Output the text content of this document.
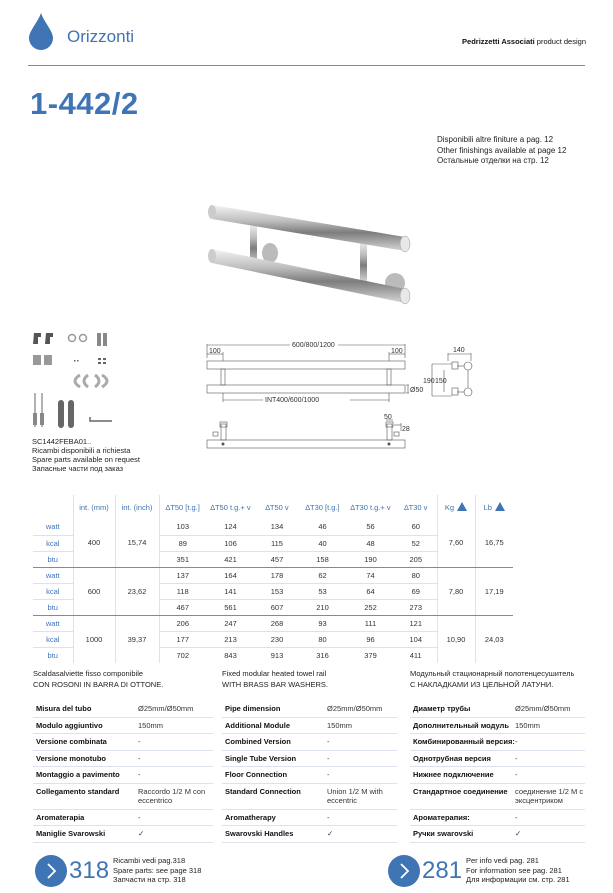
Orizzonti	Pedrizzetti Associati product design
1-442/2
Disponibili altre finiture a pag. 12
Other finishings available at page 12
Остальные отделки на стр. 12
SC1442FEBA01..
Ricambi disponibili a richiesta
Spare parts available on request
Запасные части под заказ
600/800/1200
100	100
INT400/600/1000
Ø50
140
190 150
50
28
	int. (mm)	int. (inch)	∆T50 [t.g.]	∆T50 t.g.+ v	∆T50 v	∆T30 [t.g.]	∆T30 t.g.+ v	∆T30 v	Kg	Lb
watt	400	15,74	103	124	134	46	56	60	7,60	16,75
kcal			89	106	115	40	48	52		
btu			351	421	457	158	190	205		
watt	600	23,62	137	164	178	62	74	80	7,80	17,19
kcal			118	141	153	53	64	69		
btu			467	561	607	210	252	273		
watt	1000	39,37	206	247	268	93	111	121	10,90	24,03
kcal			177	213	230	80	96	104		
btu			702	843	913	316	379	411		
Scaldasalviette fisso componibile
CON ROSONI IN BARRA DI OTTONE.
Misura del tubo	Ø25mm/Ø50mm
Modulo aggiuntivo	150mm
Versione combinata	-
Versione monotubo	-
Montaggio a pavimento	-
Collegamento standard	Raccordo 1/2 M con eccentrico
Aromaterapia	-
Maniglie Svarowski	✓
Fixed modular heated towel rail
WITH BRASS BAR WASHERS.
Pipe dimension	Ø25mm/Ø50mm
Additional Module	150mm
Combined Version	-
Single Tube Version	-
Floor Connection	-
Standard Connection	Union 1/2 M with eccentric
Aromatherapy	-
Swarovski Handles	✓
Модульный стационарный полотенцесушитель
С НАКЛАДКАМИ ИЗ ЦЕЛЬНОЙ ЛАТУНИ.
Диаметр трубы	Ø25mm/Ø50mm
Дополнительный модуль	150mm
Комбинированный версия:	-
Однотрубная версия	-
Нижнее подключение	-
Стандартное соединение	соединение 1/2 М с эксцентриком
Ароматерапия:	-
Ручки swarovski	✓
318 Ricambi vedi pag.318
Spare parts: see page 318
Запчасти на стр. 318	281 Per info vedi pag. 281
For information see pag. 281
Для информации см. стр. 281
